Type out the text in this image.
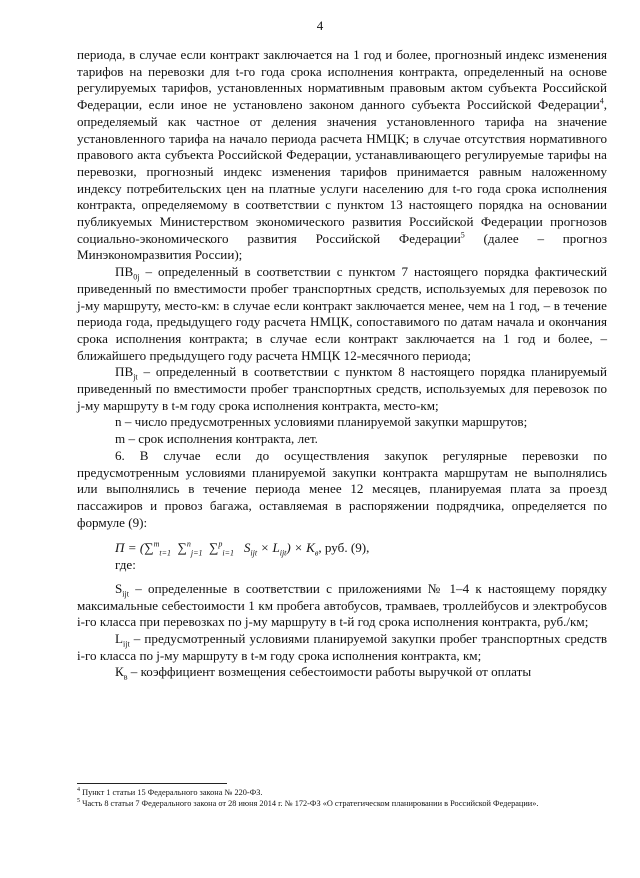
4

периода, в случае если контракт заключается на 1 год и более, прогнозный индекс изменения тарифов на перевозки для t-го года срока исполнения контракта, определенный на основе регулируемых тарифов, установленных нормативным правовым актом субъекта Российской Федерации, если иное не установлено законом данного субъекта Российской Федерации$^4$, определяемый как частное от деления значения установленного тарифа на значение установленного тарифа на начало периода расчета НМЦК; в случае отсутствия нормативного правового акта субъекта Российской Федерации, устанавливающего регулируемые тарифы на перевозки, прогнозный индекс изменения тарифов принимается равным наложенному индексу потребительских цен на платные услуги населению для t-го года срока исполнения контракта, определяемому в соответствии с пунктом 13 настоящего порядка на основании публикуемых Министерством экономического развития Российской Федерации прогнозов социально-экономического развития Российской Федерации$^5$ (далее – прогноз Минэкономразвития России);

$ПВ_{0j}$ – определенный в соответствии с пунктом 7 настоящего порядка фактический приведенный по вместимости пробег транспортных средств, используемых для перевозок по j-му маршруту, место-км: в случае если контракт заключается менее, чем на 1 год, – в течение периода года, предыдущего году расчета НМЦК, сопоставимого по датам начала и окончания срока исполнения контракта; в случае если контракт заключается на 1 год и более, – ближайшего предыдущего году расчета НМЦК 12-месячного периода;

$ПВ_{jt}$ – определенный в соответствии с пунктом 8 настоящего порядка планируемый приведенный по вместимости пробег транспортных средств, используемых для перевозок по j-му маршруту в t-м году срока исполнения контракта, место-км;

n – число предусмотренных условиями планируемой закупки маршрутов;

m – срок исполнения контракта, лет.

6. В случае если до осуществления закупок регулярные перевозки по предусмотренным условиями планируемой закупки контракта маршрутам не выполнялись или выполнялись в течение периода менее 12 месяцев, планируемая плата за проезд пассажиров и провоз багажа, оставляемая в распоряжении подрядчика, определяется по формуле (9):

П = (∑$^m_{t=1}$ ∑$^n_{j=1}$ ∑$^p_{i=1}$ $S_{ijt} \times L_{ijt}) \times K_в$, руб. (9),

где:

$S_{ijt}$ – определенные в соответствии с приложениями № 1–4 к настоящему порядку максимальные себестоимости 1 км пробега автобусов, трамваев, троллейбусов и электробусов i-го класса при перевозках по j-му маршруту в t-й год срока исполнения контракта, руб./км;

$L_{ijt}$ – предусмотренный условиями планируемой закупки пробег транспортных средств i-го класса по j-му маршруту в t-м году срока исполнения контракта, км;

$К_в$ – коэффициент возмещения себестоимости работы выручкой от оплаты

$^4$ Пункт 1 статьи 15 Федерального закона № 220-ФЗ.

$^5$ Часть 8 статьи 7 Федерального закона от 28 июня 2014 г. № 172-ФЗ «О стратегическом планировании в Российской Федерации».
